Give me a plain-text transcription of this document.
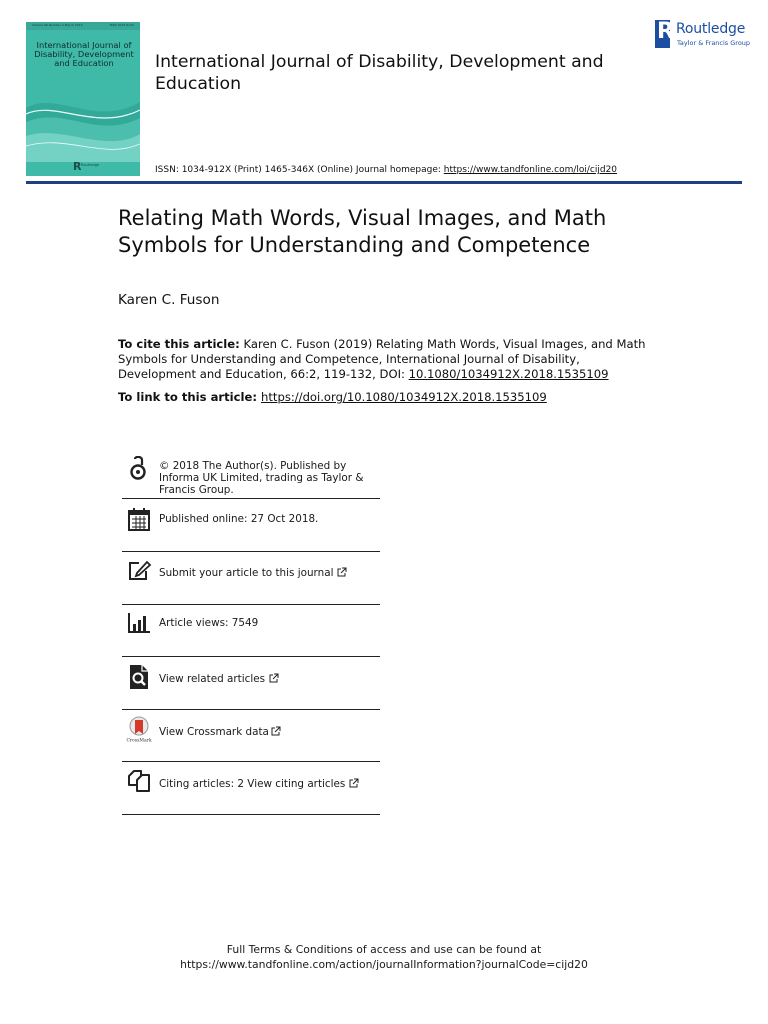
Volume 66 Number 2 March 2019	ISSN 1034-912X
International Journal of Disability, Development and Education
R Routledge
International Journal of Disability, Development and Education
ISSN: 1034-912X (Print) 1465-346X (Online) Journal homepage: https://www.tandfonline.com/loi/cijd20
R Routledge
Taylor & Francis Group
Relating Math Words, Visual Images, and Math Symbols for Understanding and Competence
Karen C. Fuson
To cite this article: Karen C. Fuson (2019) Relating Math Words, Visual Images, and Math Symbols for Understanding and Competence, International Journal of Disability, Development and Education, 66:2, 119-132, DOI: 10.1080/1034912X.2018.1535109
To link to this article: https://doi.org/10.1080/1034912X.2018.1535109
© 2018 The Author(s). Published by Informa UK Limited, trading as Taylor & Francis Group.
Published online: 27 Oct 2018.
Submit your article to this journal
Article views: 7549
View related articles
CrossMark
View Crossmark data
Citing articles: 2 View citing articles
Full Terms & Conditions of access and use can be found at
https://www.tandfonline.com/action/journalInformation?journalCode=cijd20
